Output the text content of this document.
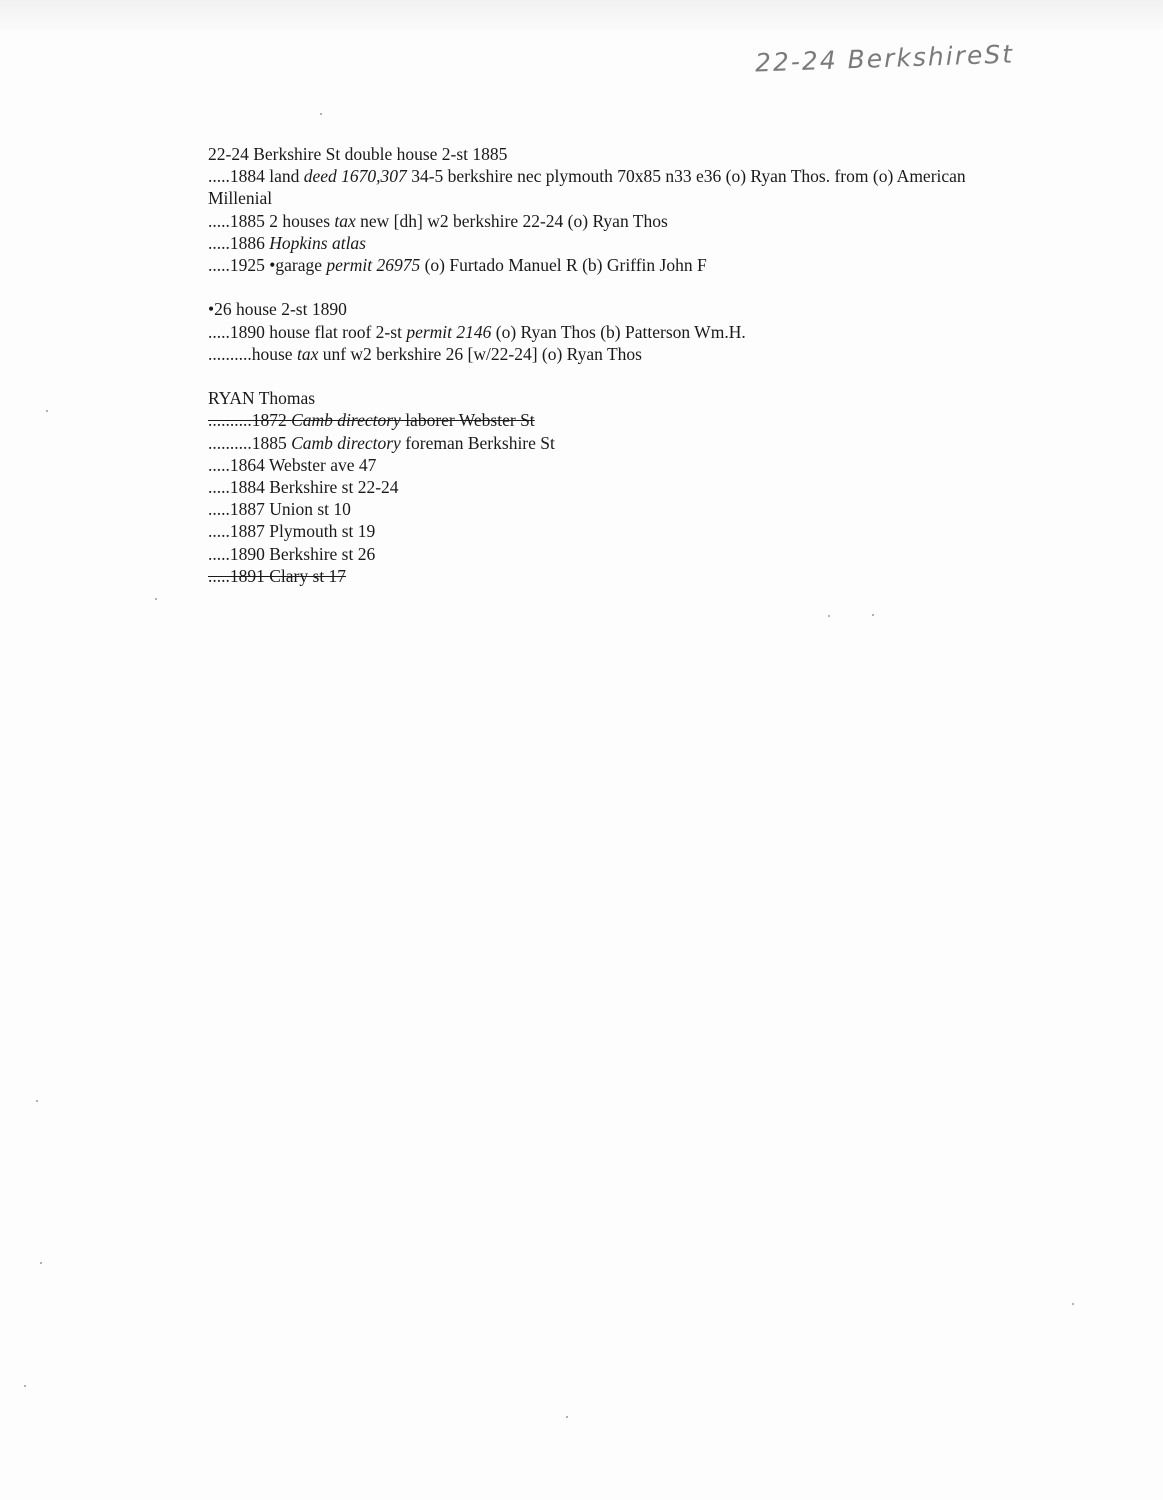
22-24 BerkshireSt
22-24 Berkshire St double house 2-st 1885
.....1884 land deed 1670,307 34-5 berkshire nec plymouth 70x85 n33 e36 (o) Ryan Thos. from (o) American Millenial
.....1885 2 houses tax new [dh] w2 berkshire 22-24 (o) Ryan Thos
.....1886 Hopkins atlas
.....1925 •garage permit 26975 (o) Furtado Manuel R (b) Griffin John F
•26 house 2-st 1890
.....1890 house flat roof 2-st permit 2146 (o) Ryan Thos (b) Patterson Wm.H.
..........house tax unf w2 berkshire 26 [w/22-24] (o) Ryan Thos
RYAN Thomas
..........1872 Camb directory laborer Webster St
..........1885 Camb directory foreman Berkshire St
.....1864 Webster ave 47
.....1884 Berkshire st 22-24
.....1887 Union st 10
.....1887 Plymouth st 19
.....1890 Berkshire st 26
.....1891 Clary st 17
